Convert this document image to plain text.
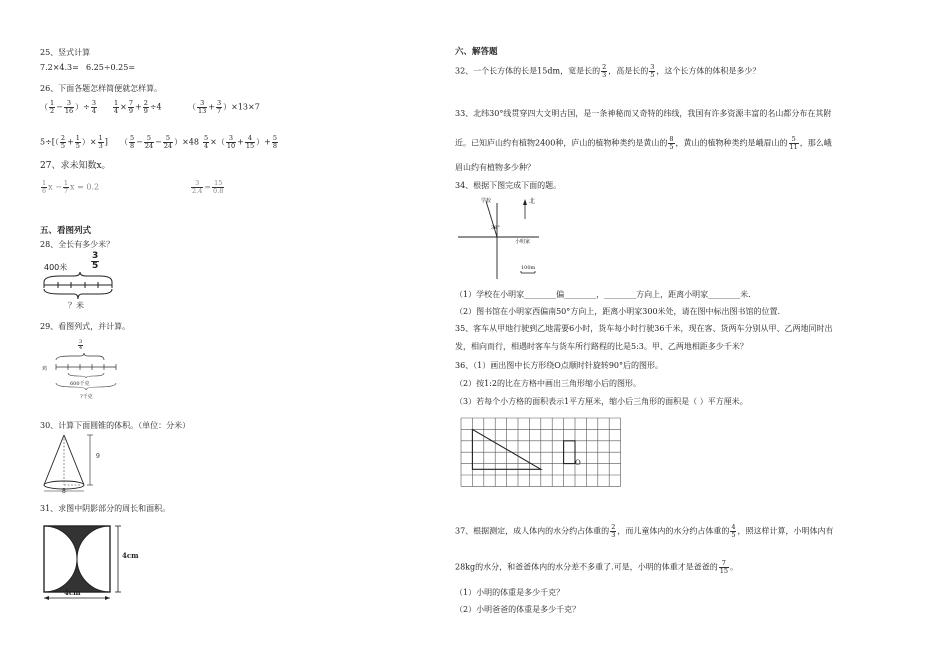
25、竖式计算
7.2×4.3= 6.25÷0.25=
26、下面各题怎样简便就怎样算。
（ $\frac{1}{2} - \frac{3}{16}$ ）÷ $\frac{3}{4} \frac{1}{4} \times \frac{7}{9} + \frac{2}{9} \div 4$	（ $\frac{3}{13} + \frac{3}{7} )\times 13\times 7$
$5\div[( \frac{2}{5} + \frac{1}{5}$ ）× $\frac{1}{3}$ ] （ $\frac{5}{8} - \frac{5}{24} - \frac{5}{24} )\times 48 \frac{5}{4}$ ×（ $\frac{3}{10} + \frac{4}{15}$ ）+ $\frac{5}{8}$
27、求未知数x。
$\frac{1}{6}$ $x - \frac{1}{7}$ x = 0.2	$\frac{3}{2.4} = \frac{15}{0.8}$
五、看图列式
28、全长有多少米？
400米	$\frac{3}{5}$
？米
29、看图列式，并计算。
$\frac{3}{4}$
鸡
600千克
?千克
30、计算下面圆锥的体积。（单位：分米）
9
8
31、求图中阴影部分的周长和面积。
4cm
4cm
六、解答题
32、一个长方体的长是15dm，宽是长的 $\frac{2}{3}$ ，高是长的 $\frac{3}{5}$ ，这个长方体的体积是多少？
33、北纬30°线贯穿四大文明古国，是一条神秘而又奇特的纬线，我国有许多资源丰富的名山都分布在其附
近。已知庐山约有植物2400种，庐山的植物种类约是黄山的 $\frac{8}{5}$ ，黄山的植物种类约是峨眉山的 $\frac{5}{11}$ ，那么峨
眉山约有植物多少种？
34、根据下图完成下面的题。
学校	北
30°
小明家
100m
（1）学校在小明家________偏________，________方向上，距离小明家________米.
（2）图书馆在小明家西偏南50°方向上，距离小明家300米处，请在图中标出图书馆的位置.
35、客车从甲地行驶到乙地需要6小时，货车每小时行驶36千米，现在客、货两车分别从甲、乙两地同时出
发，相向而行，相遇时客车与货车所行路程的比是5:3。甲、乙两地相距多少千米？
36、（1）画出图中长方形绕O点顺时针旋转90°后的图形。
（2）按1:2的比在方格中画出三角形缩小后的图形。
（3）若每个小方格的面积表示1平方厘米，缩小后三角形的面积是（ ）平方厘米。
O
37、根据测定，成人体内的水分约占体重的 $\frac{2}{3}$ ，而儿童体内的水分约占体重的 $\frac{4}{5}$ ，照这样计算，小明体内有
28kg的水分，和爸爸体内的水分差不多重了.可是，小明的体重才是爸爸的 $\frac{7}{15}$ 。
（1）小明的体重是多少千克？
（2）小明爸爸的体重是多少千克？
